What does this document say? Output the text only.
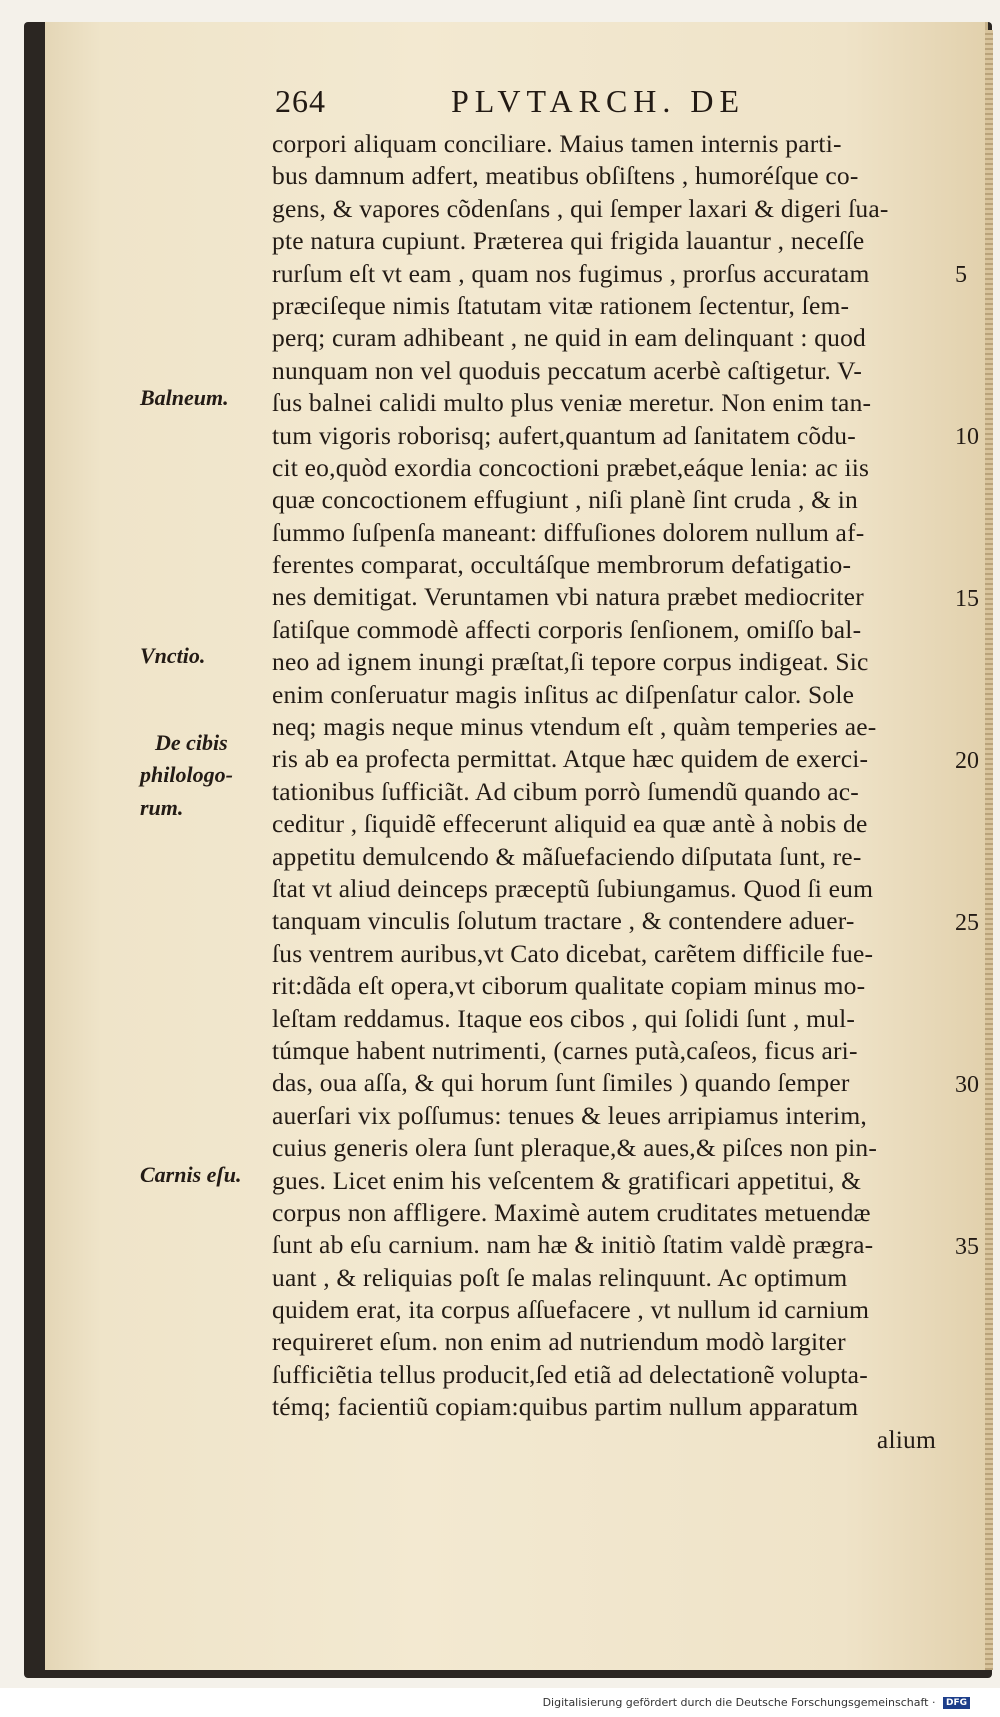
264	PLVTARCH. DE
corpori aliquam conciliare. Maius tamen internis parti-
bus damnum adfert, meatibus obſiſtens , humoréſque co-
gens, & vapores cõdenſans , qui ſemper laxari & digeri ſua-
pte natura cupiunt. Præterea qui frigida lauantur , neceſſe
rurſum eſt vt eam , quam nos fugimus , prorſus accuratam
præciſeque nimis ſtatutam vitæ rationem ſectentur, ſem-
perq; curam adhibeant , ne quid in eam delinquant : quod
nunquam non vel quoduis peccatum acerbè caſtigetur. V-
ſus balnei calidi multo plus veniæ meretur. Non enim tan-
tum vigoris roborisq; aufert,quantum ad ſanitatem cõdu-
cit eo,quòd exordia concoctioni præbet,eáque lenia: ac iis
quæ concoctionem effugiunt , niſi planè ſint cruda , & in
ſummo ſuſpenſa maneant: diffuſiones dolorem nullum af-
ferentes comparat, occultáſque membrorum defatigatio-
nes demitigat. Veruntamen vbi natura præbet mediocriter
ſatiſque commodè affecti corporis ſenſionem, omiſſo bal-
neo ad ignem inungi præſtat,ſi tepore corpus indigeat. Sic
enim conſeruatur magis inſitus ac diſpenſatur calor. Sole
neq; magis neque minus vtendum eſt , quàm temperies ae-
ris ab ea profecta permittat. Atque hæc quidem de exerci-
tationibus ſufficiãt. Ad cibum porrò ſumendũ quando ac-
ceditur , ſiquidẽ effecerunt aliquid ea quæ antè à nobis de
appetitu demulcendo & mãſuefaciendo diſputata ſunt, re-
ſtat vt aliud deinceps præceptũ ſubiungamus. Quod ſi eum
tanquam vinculis ſolutum tractare , & contendere aduer-
ſus ventrem auribus,vt Cato dicebat, carẽtem difficile fue-
rit:dãda eſt opera,vt ciborum qualitate copiam minus mo-
leſtam reddamus. Itaque eos cibos , qui ſolidi ſunt , mul-
túmque habent nutrimenti, (carnes putà,caſeos, ficus ari-
das, oua aſſa, & qui horum ſunt ſimiles ) quando ſemper
auerſari vix poſſumus: tenues & leues arripiamus interim,
cuius generis olera ſunt pleraque,& aues,& piſces non pin-
gues. Licet enim his veſcentem & gratificari appetitui, &
corpus non affligere. Maximè autem cruditates metuendæ
ſunt ab eſu carnium. nam hæ & initiò ſtatim valdè prægra-
uant , & reliquias poſt ſe malas relinquunt. Ac optimum
quidem erat, ita corpus aſſuefacere , vt nullum id carnium
requireret eſum. non enim ad nutriendum modò largiter
ſufficiẽtia tellus producit,ſed etiã ad delectationẽ volupta-
témq; facientiũ copiam:quibus partim nullum apparatum
alium
Balneum.
Vnctio.
De cibis
philologo-
rum.
Carnis eſu.
5
10
15
20
25
30
35
Digitalisierung gefördert durch die Deutsche Forschungsgemeinschaft · DFG
